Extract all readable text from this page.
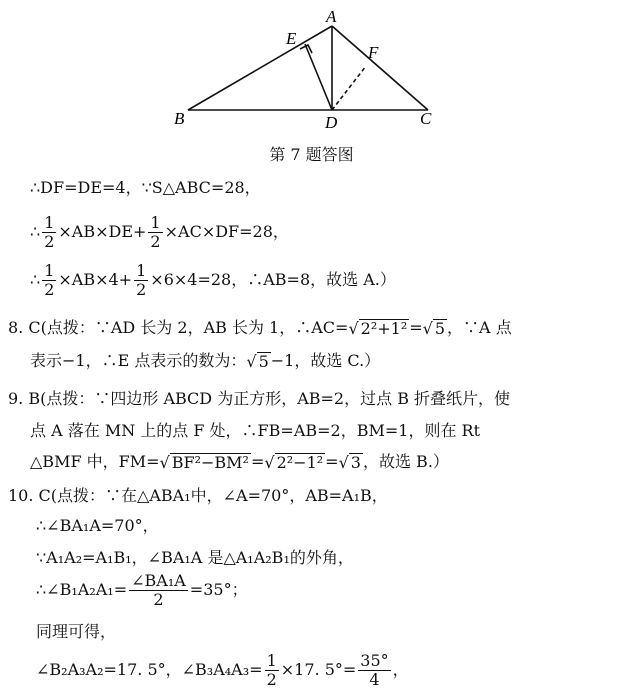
A
E
F
B	D	C
第 7 题答图
∴DF=DE=4，∵S△ABC=28，
∴ $\frac{1}{2} \times AB\times DE+ \frac{1}{2} \times AC\times DF=28$，
∴ $\frac{1}{2} \times AB\times 4+ \frac{1}{2} \times 6\times 4=28$，∴AB=8，故选 A.）
8. C(点拨：∵AD 长为 2，AB 长为 1，∴AC=√ 2²+1² =√ 5 ，∵A 点
表示−1，∴E 点表示的数为：√ 5 −1，故选 C.）
9. B(点拨：∵四边形 ABCD 为正方形，AB=2，过点 B 折叠纸片，使
点 A 落在 MN 上的点 F 处，∴FB=AB=2，BM=1，则在 Rt
△BMF 中，FM=√ BF²−BM² =√ 2²−1² =√ 3 ，故选 B.）
10. C(点拨：∵在△ABA₁中，∠A=70°，AB=A₁B，
∴∠BA₁A=70°，
∵A₁A₂=A₁B₁，∠BA₁A 是△A₁A₂B₁的外角，
∴∠B₁A₂A₁= $\frac{\text{∠BA₁A}}{2} =35^\circ$；
同理可得，
∠B₂A₃A₂=17. 5°，∠B₃A₄A₃= $\frac{1}{2} \times 17$. $5^\circ= \frac{35^\circ}{4}$ ，
